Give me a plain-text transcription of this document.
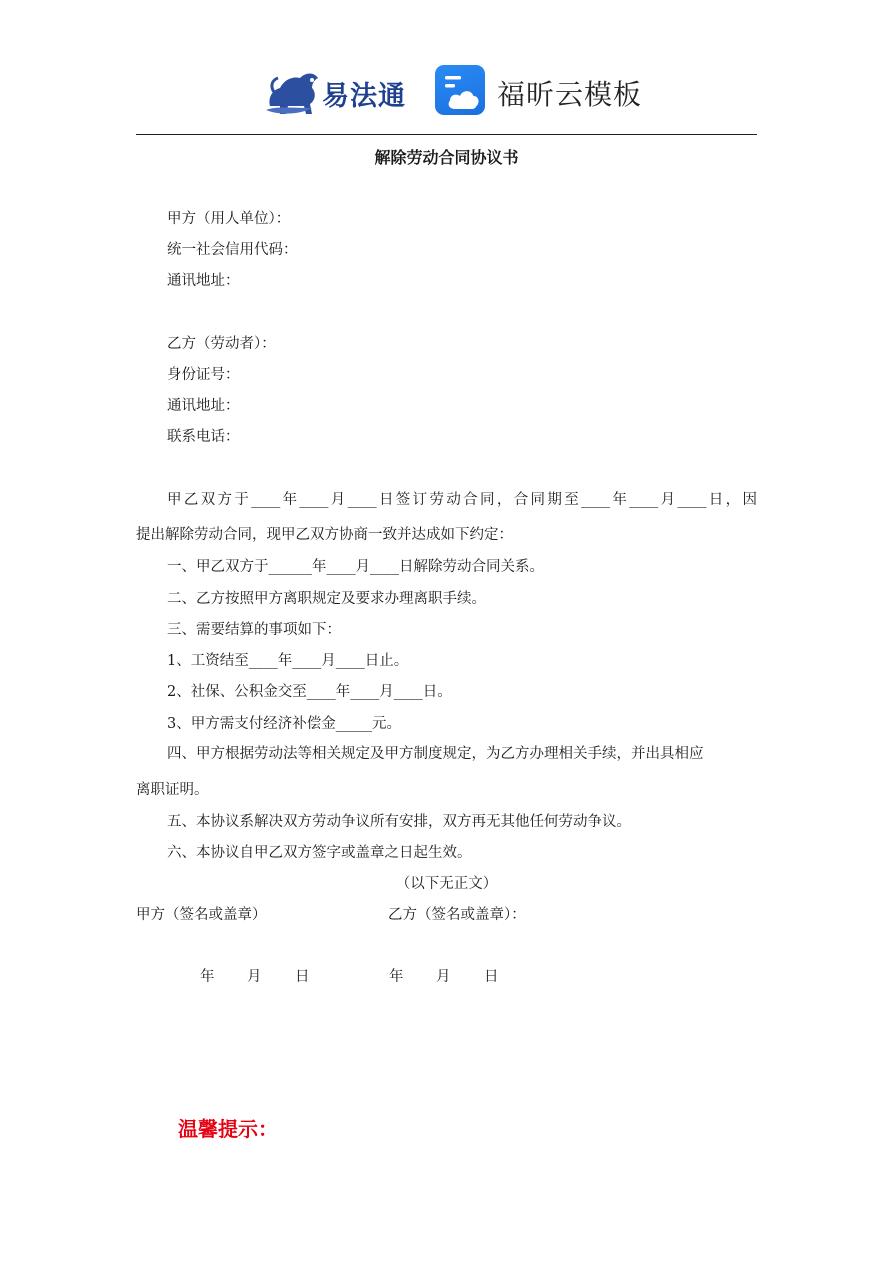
易法通	福昕云模板
解除劳动合同协议书
甲方（用人单位）：
统一社会信用代码：
通讯地址：
乙方（劳动者）：
身份证号：
通讯地址：
联系电话：
甲乙双方于____年____月____日签订劳动合同，合同期至____年____月____日，因
提出解除劳动合同，现甲乙双方协商一致并达成如下约定：
一、甲乙双方于______年____月____日解除劳动合同关系。
二、乙方按照甲方离职规定及要求办理离职手续。
三、需要结算的事项如下：
1、工资结至____年____月____日止。
2、社保、公积金交至____年____月____日。
3、甲方需支付经济补偿金_____元。
四、甲方根据劳动法等相关规定及甲方制度规定，为乙方办理相关手续，并出具相应
离职证明。
五、本协议系解决双方劳动争议所有安排，双方再无其他任何劳动争议。
六、本协议自甲乙双方签字或盖章之日起生效。
（以下无正文）
甲方（签名或盖章）	乙方（签名或盖章）：
年 月 日	年 月 日
温馨提示：
